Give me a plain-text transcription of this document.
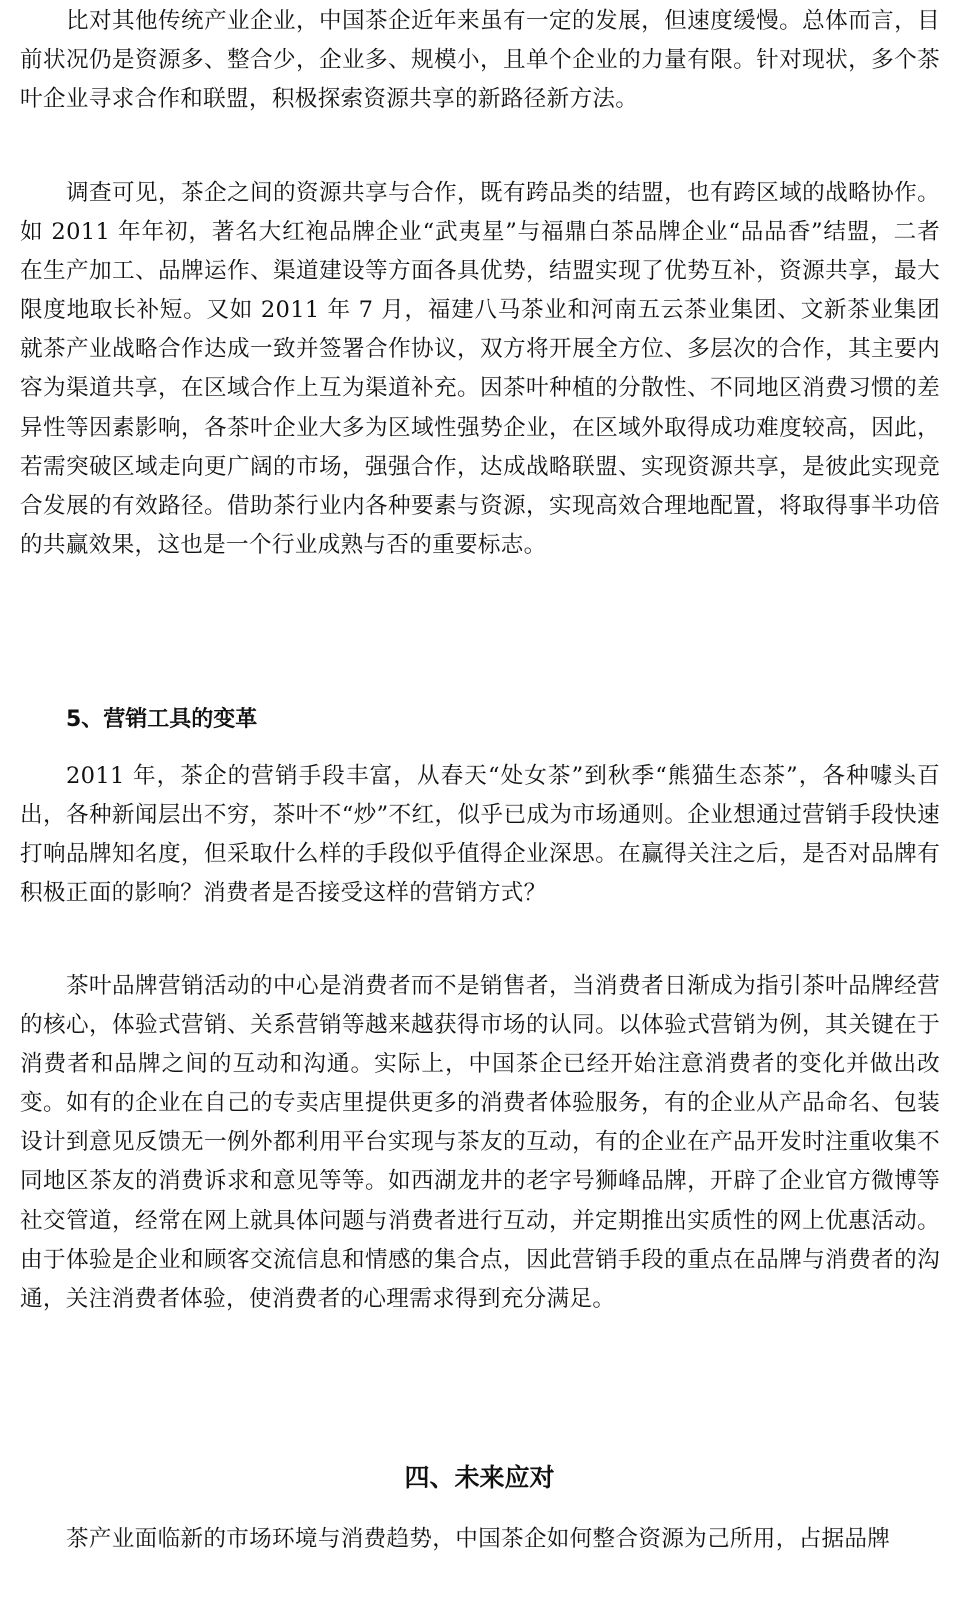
比对其他传统产业企业，中国茶企近年来虽有一定的发展，但速度缓慢。总体而言，目前状况仍是资源多、整合少，企业多、规模小，且单个企业的力量有限。针对现状，多个茶叶企业寻求合作和联盟，积极探索资源共享的新路径新方法。

调查可见，茶企之间的资源共享与合作，既有跨品类的结盟，也有跨区域的战略协作。如 2011 年年初，著名大红袍品牌企业“武夷星”与福鼎白茶品牌企业“品品香”结盟，二者在生产加工、品牌运作、渠道建设等方面各具优势，结盟实现了优势互补，资源共享，最大限度地取长补短。又如 2011 年 7 月，福建八马茶业和河南五云茶业集团、文新茶业集团就茶产业战略合作达成一致并签署合作协议，双方将开展全方位、多层次的合作，其主要内容为渠道共享，在区域合作上互为渠道补充。因茶叶种植的分散性、不同地区消费习惯的差异性等因素影响，各茶叶企业大多为区域性强势企业，在区域外取得成功难度较高，因此，若需突破区域走向更广阔的市场，强强合作，达成战略联盟、实现资源共享，是彼此实现竞合发展的有效路径。借助茶行业内各种要素与资源，实现高效合理地配置，将取得事半功倍的共赢效果，这也是一个行业成熟与否的重要标志。

5、营销工具的变革

2011 年，茶企的营销手段丰富，从春天“处女茶”到秋季“熊猫生态茶”，各种噱头百出，各种新闻层出不穷，茶叶不“炒”不红，似乎已成为市场通则。企业想通过营销手段快速打响品牌知名度，但采取什么样的手段似乎值得企业深思。在赢得关注之后，是否对品牌有积极正面的影响？消费者是否接受这样的营销方式？

茶叶品牌营销活动的中心是消费者而不是销售者，当消费者日渐成为指引茶叶品牌经营的核心，体验式营销、关系营销等越来越获得市场的认同。以体验式营销为例，其关键在于消费者和品牌之间的互动和沟通。实际上，中国茶企已经开始注意消费者的变化并做出改变。如有的企业在自己的专卖店里提供更多的消费者体验服务，有的企业从产品命名、包装设计到意见反馈无一例外都利用平台实现与茶友的互动，有的企业在产品开发时注重收集不同地区茶友的消费诉求和意见等等。如西湖龙井的老字号狮峰品牌，开辟了企业官方微博等社交管道，经常在网上就具体问题与消费者进行互动，并定期推出实质性的网上优惠活动。由于体验是企业和顾客交流信息和情感的集合点，因此营销手段的重点在品牌与消费者的沟通，关注消费者体验，使消费者的心理需求得到充分满足。

四、未来应对

茶产业面临新的市场环境与消费趋势，中国茶企如何整合资源为己所用，占据品牌
